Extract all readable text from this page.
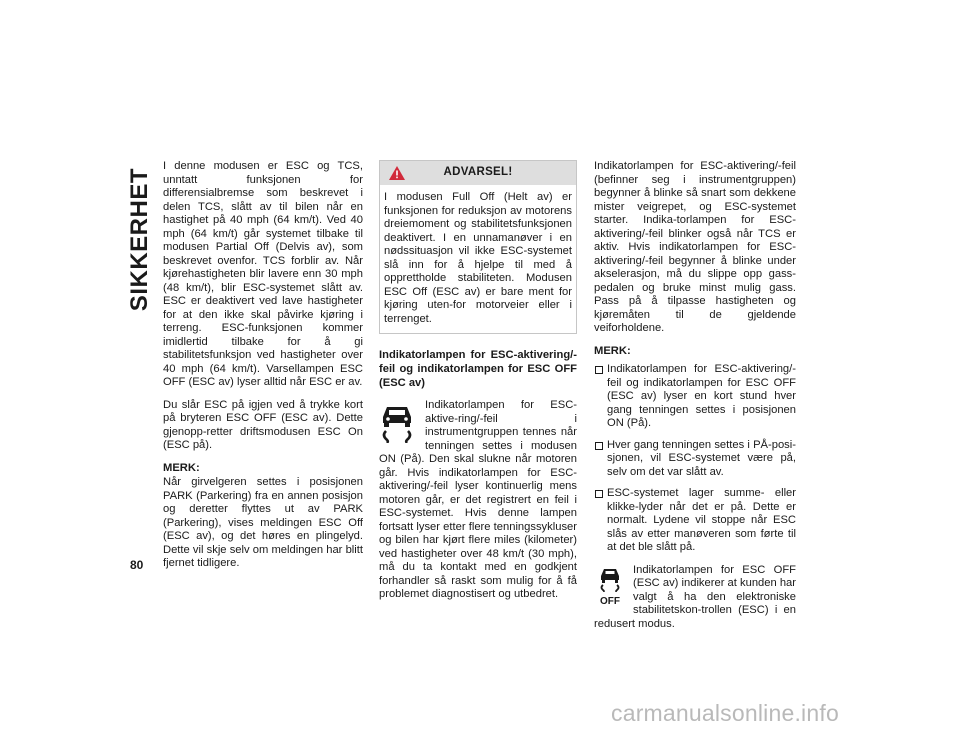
SIKKERHET
80

I denne modusen er ESC og TCS, unntatt funksjonen for differensialbremse som beskrevet i delen TCS, slått av til bilen når en hastighet på 40 mph (64 km/t). Ved 40 mph (64 km/t) går systemet tilbake til modusen Partial Off (Delvis av), som beskrevet ovenfor. TCS forblir av. Når kjørehastigheten blir lavere enn 30 mph (48 km/t), blir ESC-systemet slått av. ESC er deaktivert ved lave hastigheter for at den ikke skal påvirke kjøring i terreng. ESC-funksjonen kommer imidlertid tilbake for å gi stabilitetsfunksjon ved hastigheter over 40 mph (64 km/t). Varsellampen ESC OFF (ESC av) lyser alltid når ESC er av.

Du slår ESC på igjen ved å trykke kort på bryteren ESC OFF (ESC av). Dette gjenopp-retter driftsmodusen ESC On (ESC på).

MERK:

Når girvelgeren settes i posisjonen PARK (Parkering) fra en annen posisjon og deretter flyttes ut av PARK (Parkering), vises meldingen ESC Off (ESC av), og det høres en plingelyd. Dette vil skje selv om meldingen har blitt fjernet tidligere.

ADVARSEL!
I modusen Full Off (Helt av) er funksjonen for reduksjon av motorens dreiemoment og stabilitetsfunksjonen deaktivert. I en unnamanøver i en nødssituasjon vil ikke ESC-systemet slå inn for å hjelpe til med å opprettholde stabiliteten. Modusen ESC Off (ESC av) er bare ment for kjøring uten-for motorveier eller i terrenget.

Indikatorlampen for ESC-aktivering/-feil og indikatorlampen for ESC OFF (ESC av)

Indikatorlampen for ESC-aktive-ring/-feil i instrumentgruppen tennes når tenningen settes i modusen ON (På). Den skal slukne når motoren går. Hvis indikatorlampen for ESC-aktivering/-feil lyser kontinuerlig mens motoren går, er det registrert en feil i ESC-systemet. Hvis denne lampen fortsatt lyser etter flere tenningssykluser og bilen har kjørt flere miles (kilometer) ved hastigheter over 48 km/t (30 mph), må du ta kontakt med en godkjent forhandler så raskt som mulig for å få problemet diagnostisert og utbedret.

Indikatorlampen for ESC-aktivering/-feil (befinner seg i instrumentgruppen) begynner å blinke så snart som dekkene mister veigrepet, og ESC-systemet starter. Indika-torlampen for ESC-aktivering/-feil blinker også når TCS er aktiv. Hvis indikatorlampen for ESC-aktivering/-feil begynner å blinke under akselerasjon, må du slippe opp gass-pedalen og bruke minst mulig gass. Pass på å tilpasse hastigheten og kjøremåten til de gjeldende veiforholdene.

MERK:
Indikatorlampen for ESC-aktivering/-feil og indikatorlampen for ESC OFF (ESC av) lyser en kort stund hver gang tenningen settes i posisjonen ON (På).
Hver gang tenningen settes i PÅ-posi-sjonen, vil ESC-systemet være på, selv om det var slått av.
ESC-systemet lager summe- eller klikke-lyder når det er på. Dette er normalt. Lydene vil stoppe når ESC slås av etter manøveren som førte til at det ble slått på.
OFF
Indikatorlampen for ESC OFF (ESC av) indikerer at kunden har valgt å ha den elektroniske stabilitetskon-trollen (ESC) i en redusert modus.
carmanualsonline.info
